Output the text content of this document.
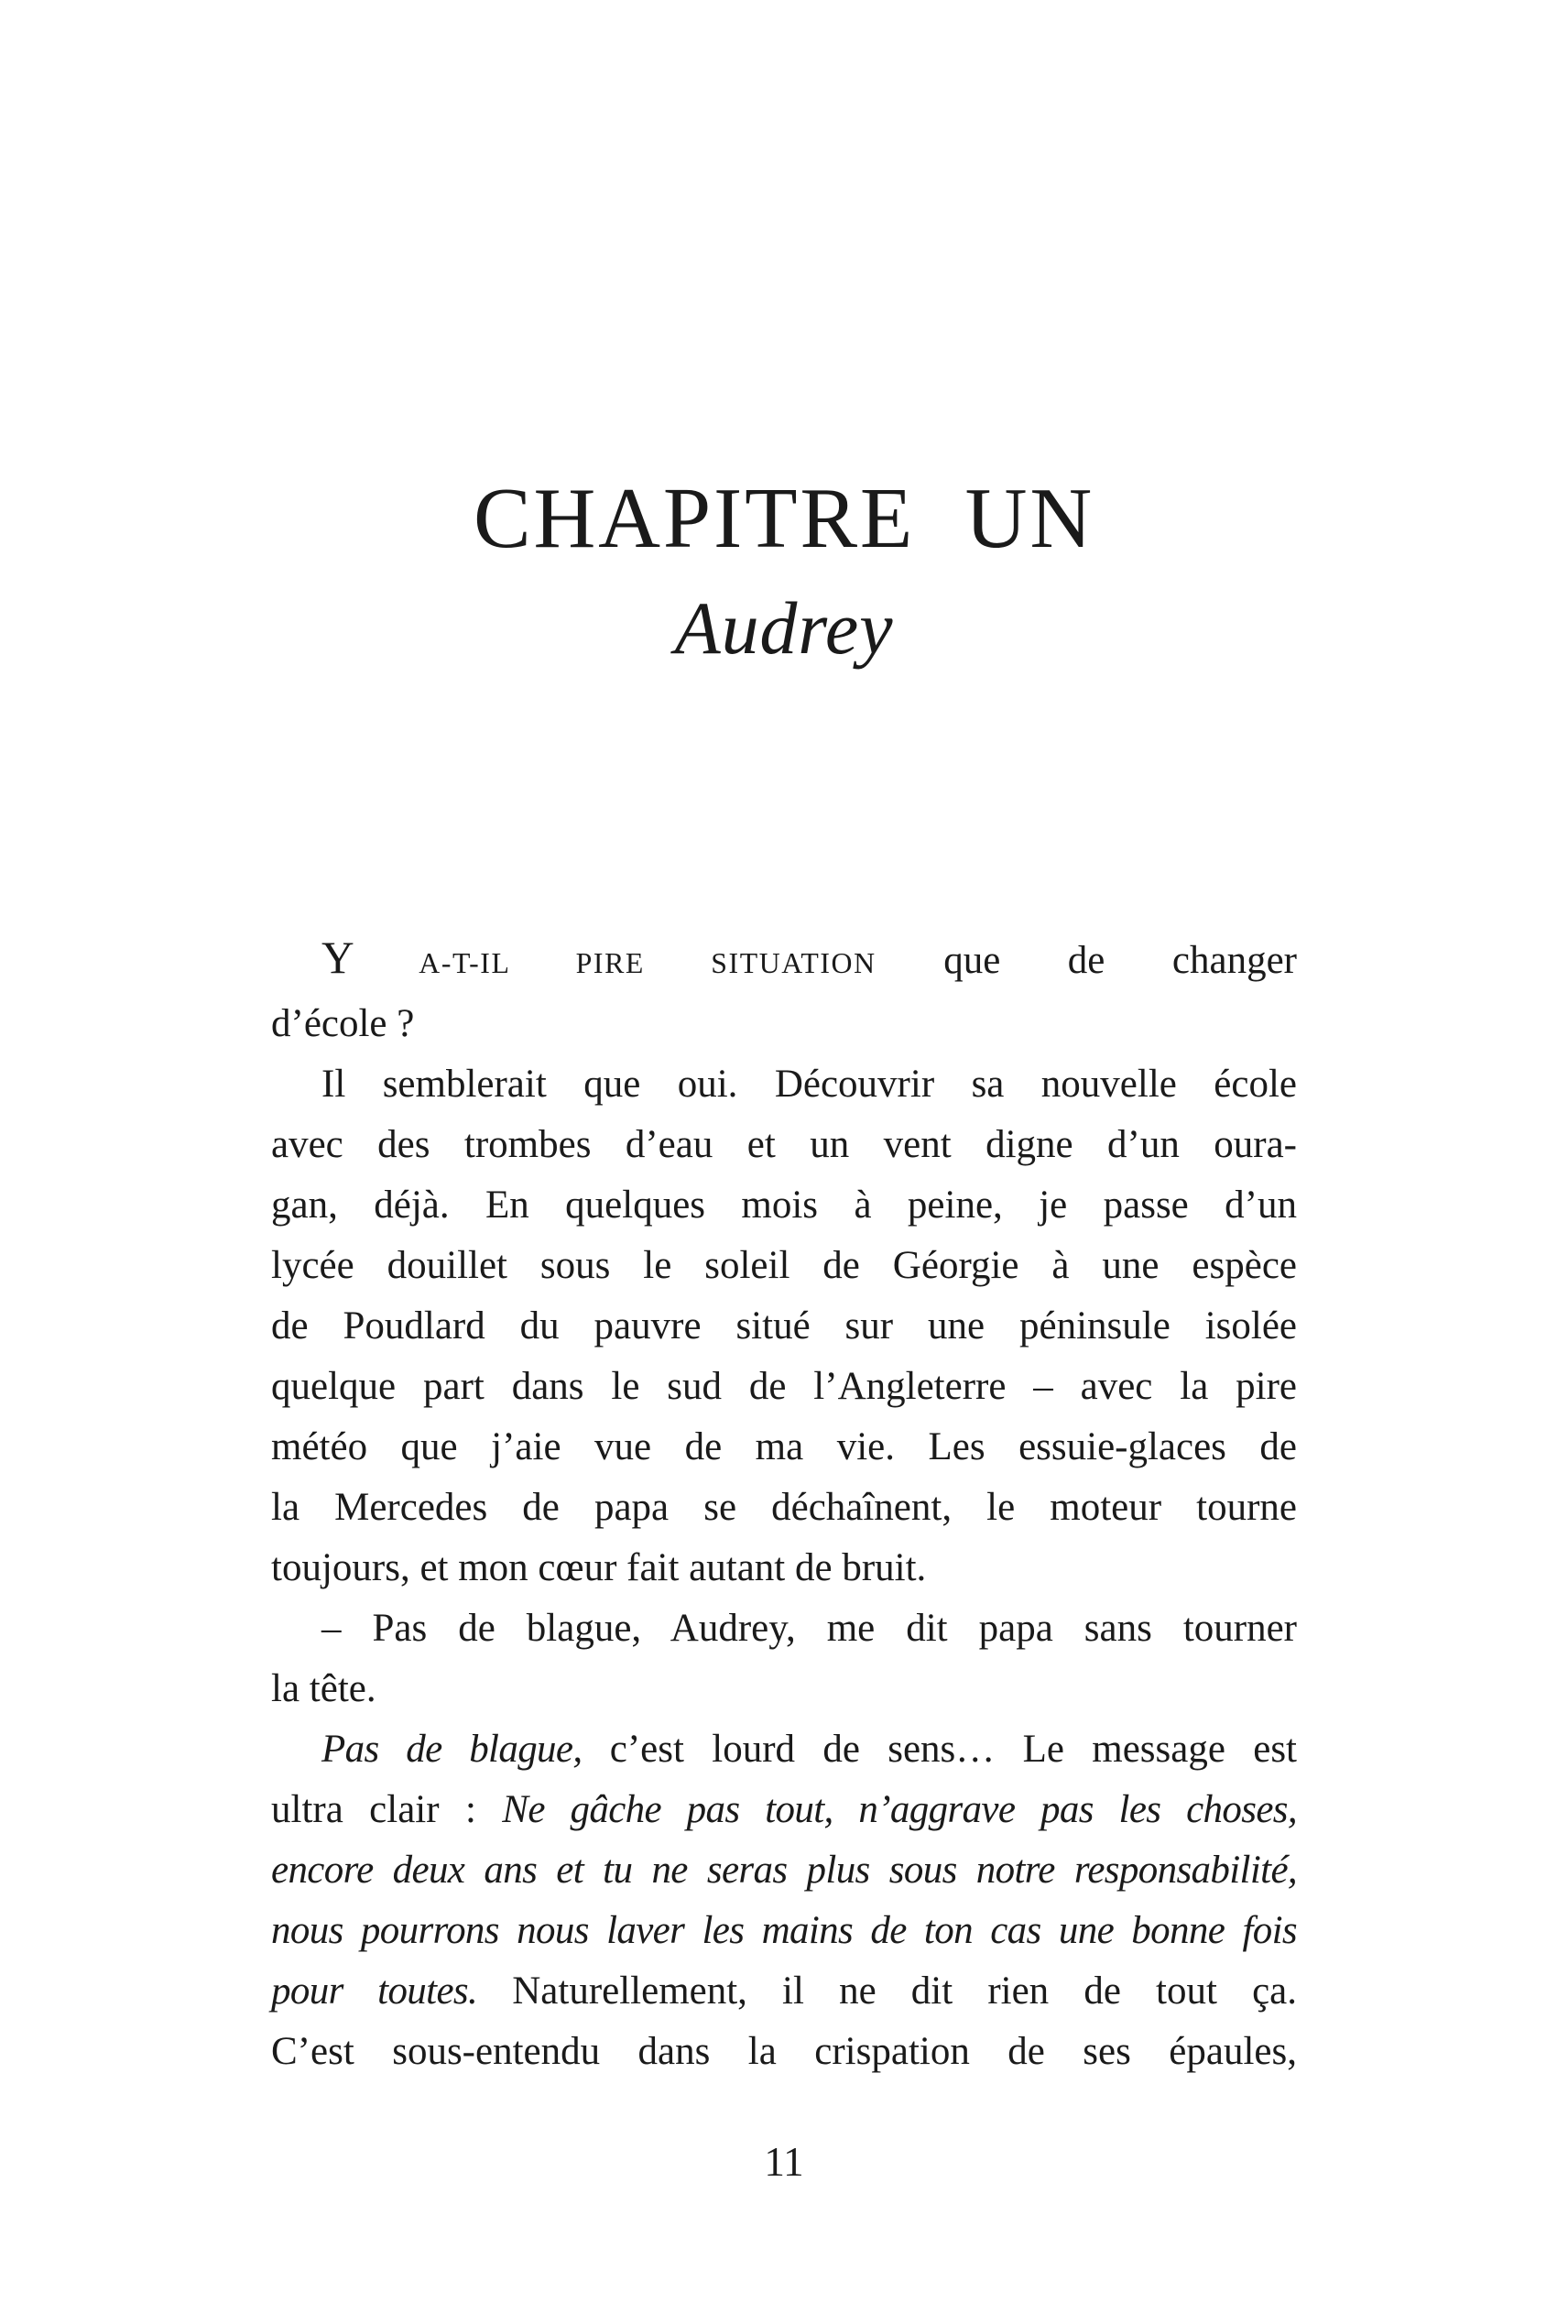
CHAPITRE UN
Audrey
Y A-T-IL PIRE SITUATION que de changer
d’école ?
Il semblerait que oui. Découvrir sa nouvelle école
avec des trombes d’eau et un vent digne d’un oura-
gan, déjà. En quelques mois à peine, je passe d’un
lycée douillet sous le soleil de Géorgie à une espèce
de Poudlard du pauvre situé sur une péninsule isolée
quelque part dans le sud de l’Angleterre – avec la pire
météo que j’aie vue de ma vie. Les essuie-glaces de
la Mercedes de papa se déchaînent, le moteur tourne
toujours, et mon cœur fait autant de bruit.
– Pas de blague, Audrey, me dit papa sans tourner
la tête.
Pas de blague, c’est lourd de sens… Le message est
ultra clair : Ne gâche pas tout, n’aggrave pas les choses,
encore deux ans et tu ne seras plus sous notre responsabilité,
nous pourrons nous laver les mains de ton cas une bonne fois
pour toutes. Naturellement, il ne dit rien de tout ça.
C’est sous-entendu dans la crispation de ses épaules,
11
